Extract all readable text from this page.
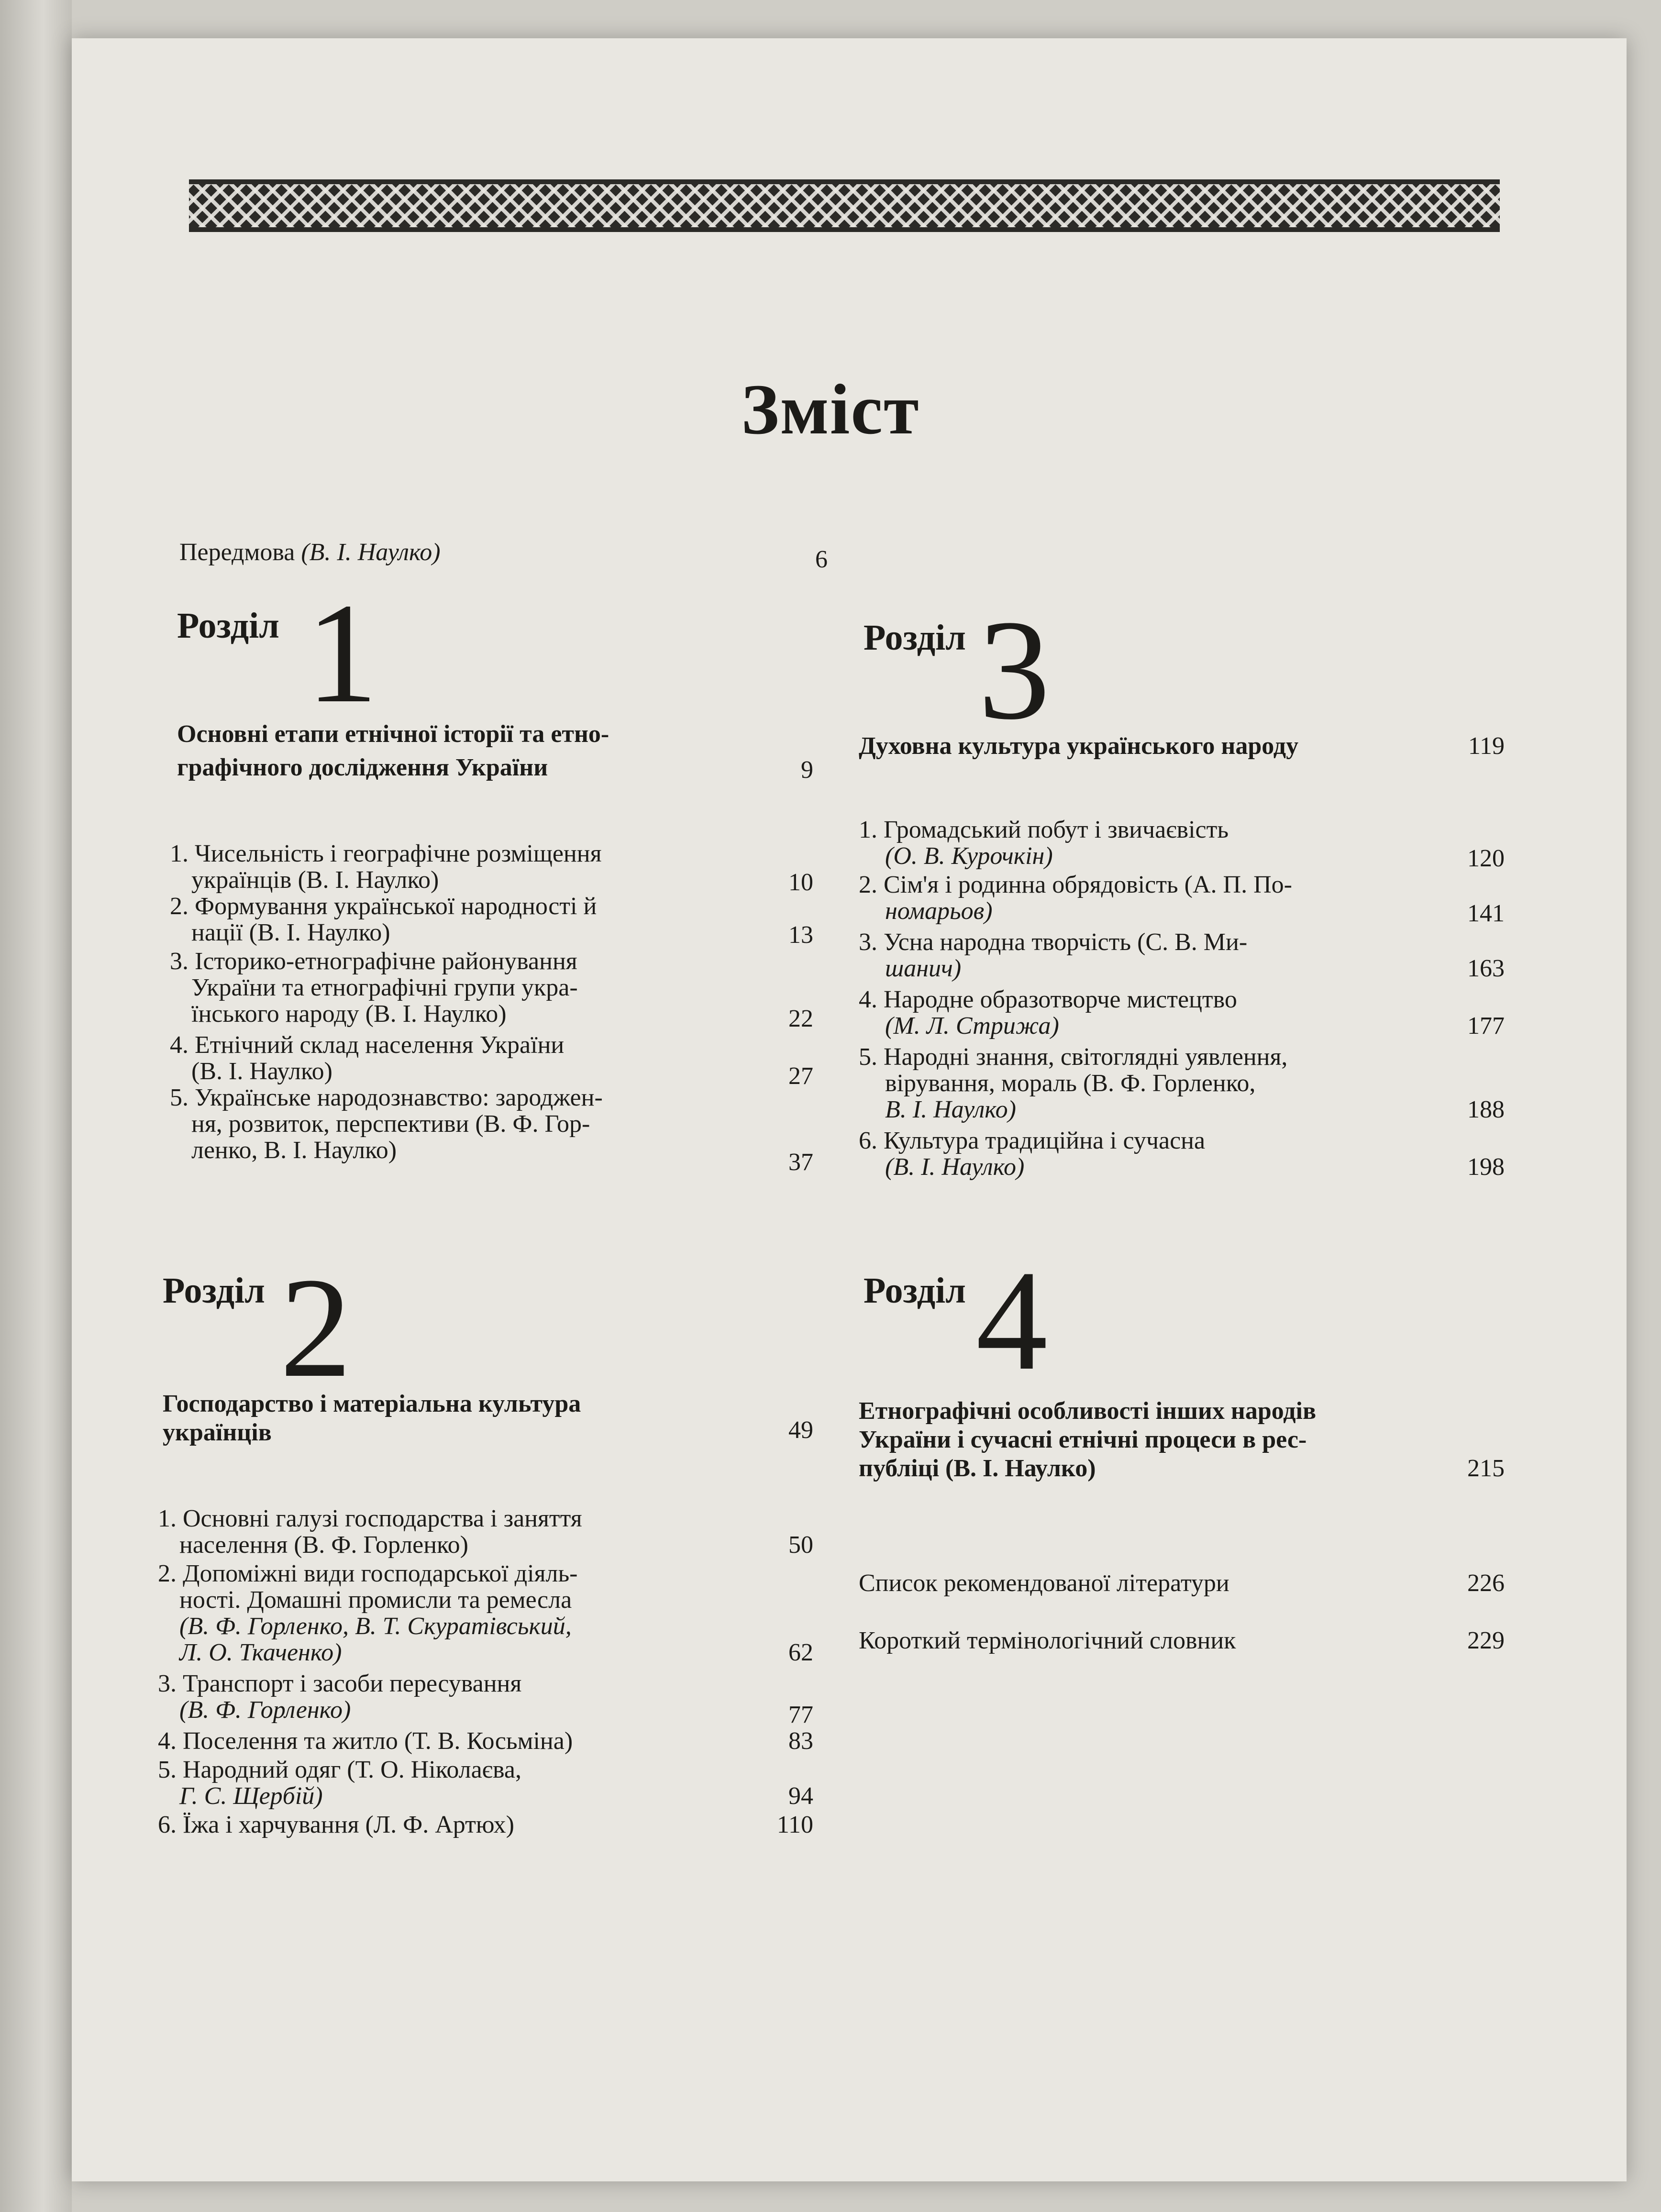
Зміст
Передмова (В. І. Наулко)	6
Розділ 1
Основні етапи етнічної історії та етно-
графічного дослідження України	9
1. Чисельність і географічне розміщення
українців (В. І. Наулко)	10
2. Формування української народності й
нації (В. І. Наулко)	13
3. Історико-етнографічне районування
України та етнографічні групи укра-
їнського народу (В. І. Наулко)	22
4. Етнічний склад населення України
(В. І. Наулко)	27
5. Українське народознавство: зароджен-
ня, розвиток, перспективи (В. Ф. Гор-
ленко, В. І. Наулко)	37
Розділ 2
Господарство і матеріальна культура
українців	49
1. Основні галузі господарства і заняття
населення (В. Ф. Горленко)	50
2. Допоміжні види господарської діяль-
ності. Домашні промисли та ремесла
(В. Ф. Горленко, В. Т. Скуратівський,
Л. О. Ткаченко)	62
3. Транспорт і засоби пересування
(В. Ф. Горленко)	77
4. Поселення та житло (Т. В. Косьміна)	83
5. Народний одяг (Т. О. Ніколаєва,
Г. С. Щербій)	94
6. Їжа і харчування (Л. Ф. Артюх)	110
Розділ 3
Духовна культура українського народу	119
1. Громадський побут і звичаєвість
(О. В. Курочкін)	120
2. Сім'я і родинна обрядовість (А. П. По-
номарьов)	141
3. Усна народна творчість (С. В. Ми-
шанич)	163
4. Народне образотворче мистецтво
(М. Л. Стрижа)	177
5. Народні знання, світоглядні уявлення,
вірування, мораль (В. Ф. Горленко,
В. І. Наулко)	188
6. Культура традиційна і сучасна
(В. І. Наулко)	198
Розділ 4
Етнографічні особливості інших народів
України і сучасні етнічні процеси в рес-
публіці (В. І. Наулко)	215
Список рекомендованої літератури	226
Короткий термінологічний словник	229
